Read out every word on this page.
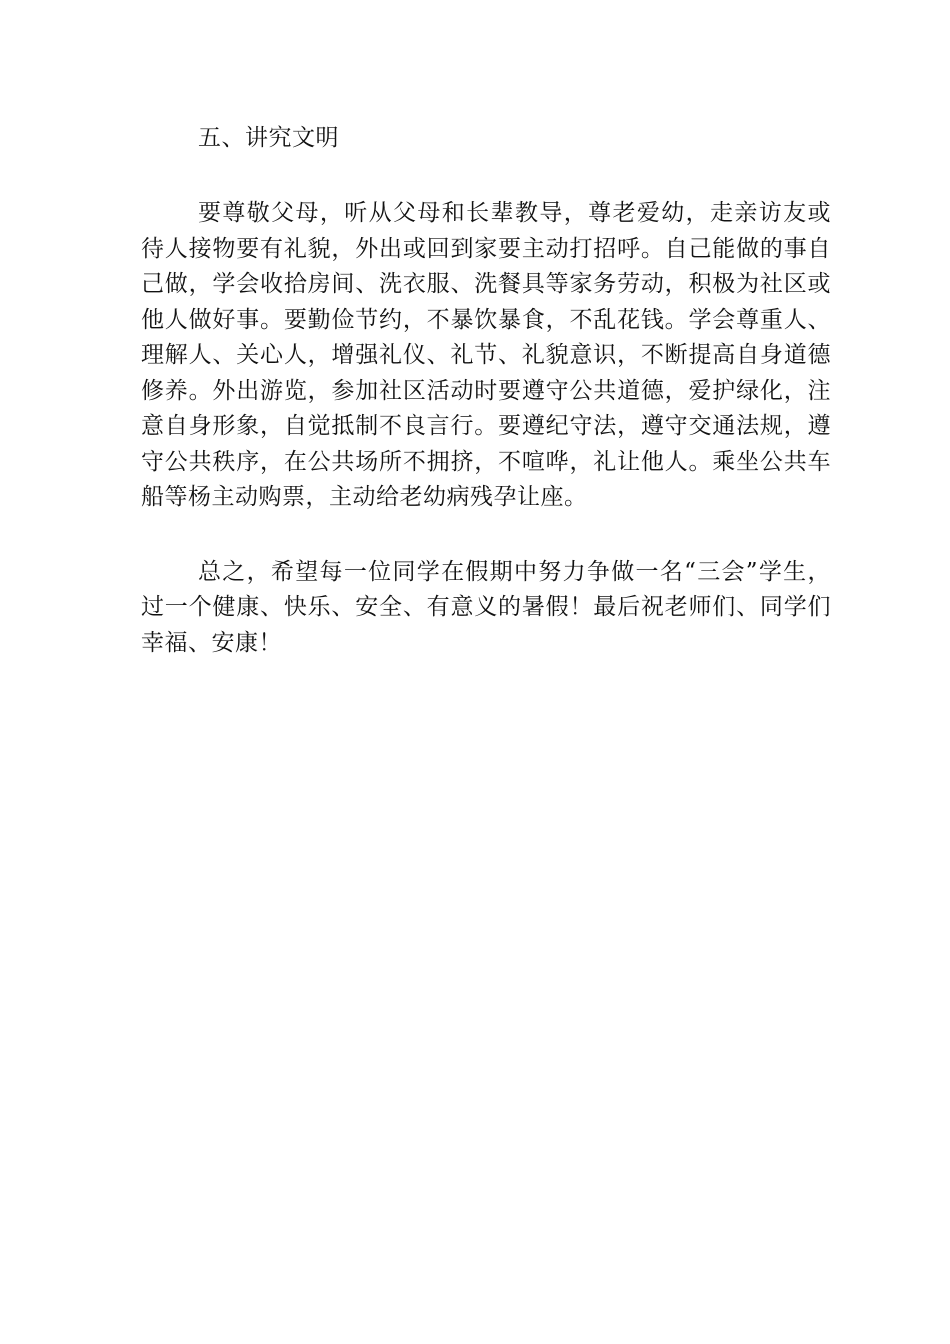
五、讲究文明

要尊敬父母，听从父母和长辈教导，尊老爱幼，走亲访友或待人接物要有礼貌，外出或回到家要主动打招呼。自己能做的事自己做，学会收拾房间、洗衣服、洗餐具等家务劳动，积极为社区或他人做好事。要勤俭节约，不暴饮暴食，不乱花钱。学会尊重人、理解人、关心人，增强礼仪、礼节、礼貌意识，不断提高自身道德修养。外出游览，参加社区活动时要遵守公共道德，爱护绿化，注意自身形象，自觉抵制不良言行。要遵纪守法，遵守交通法规，遵守公共秩序，在公共场所不拥挤，不喧哗，礼让他人。乘坐公共车船等杨主动购票，主动给老幼病残孕让座。

总之，希望每一位同学在假期中努力争做一名“三会”学生，过一个健康、快乐、安全、有意义的暑假！最后祝老师们、同学们幸福、安康！
